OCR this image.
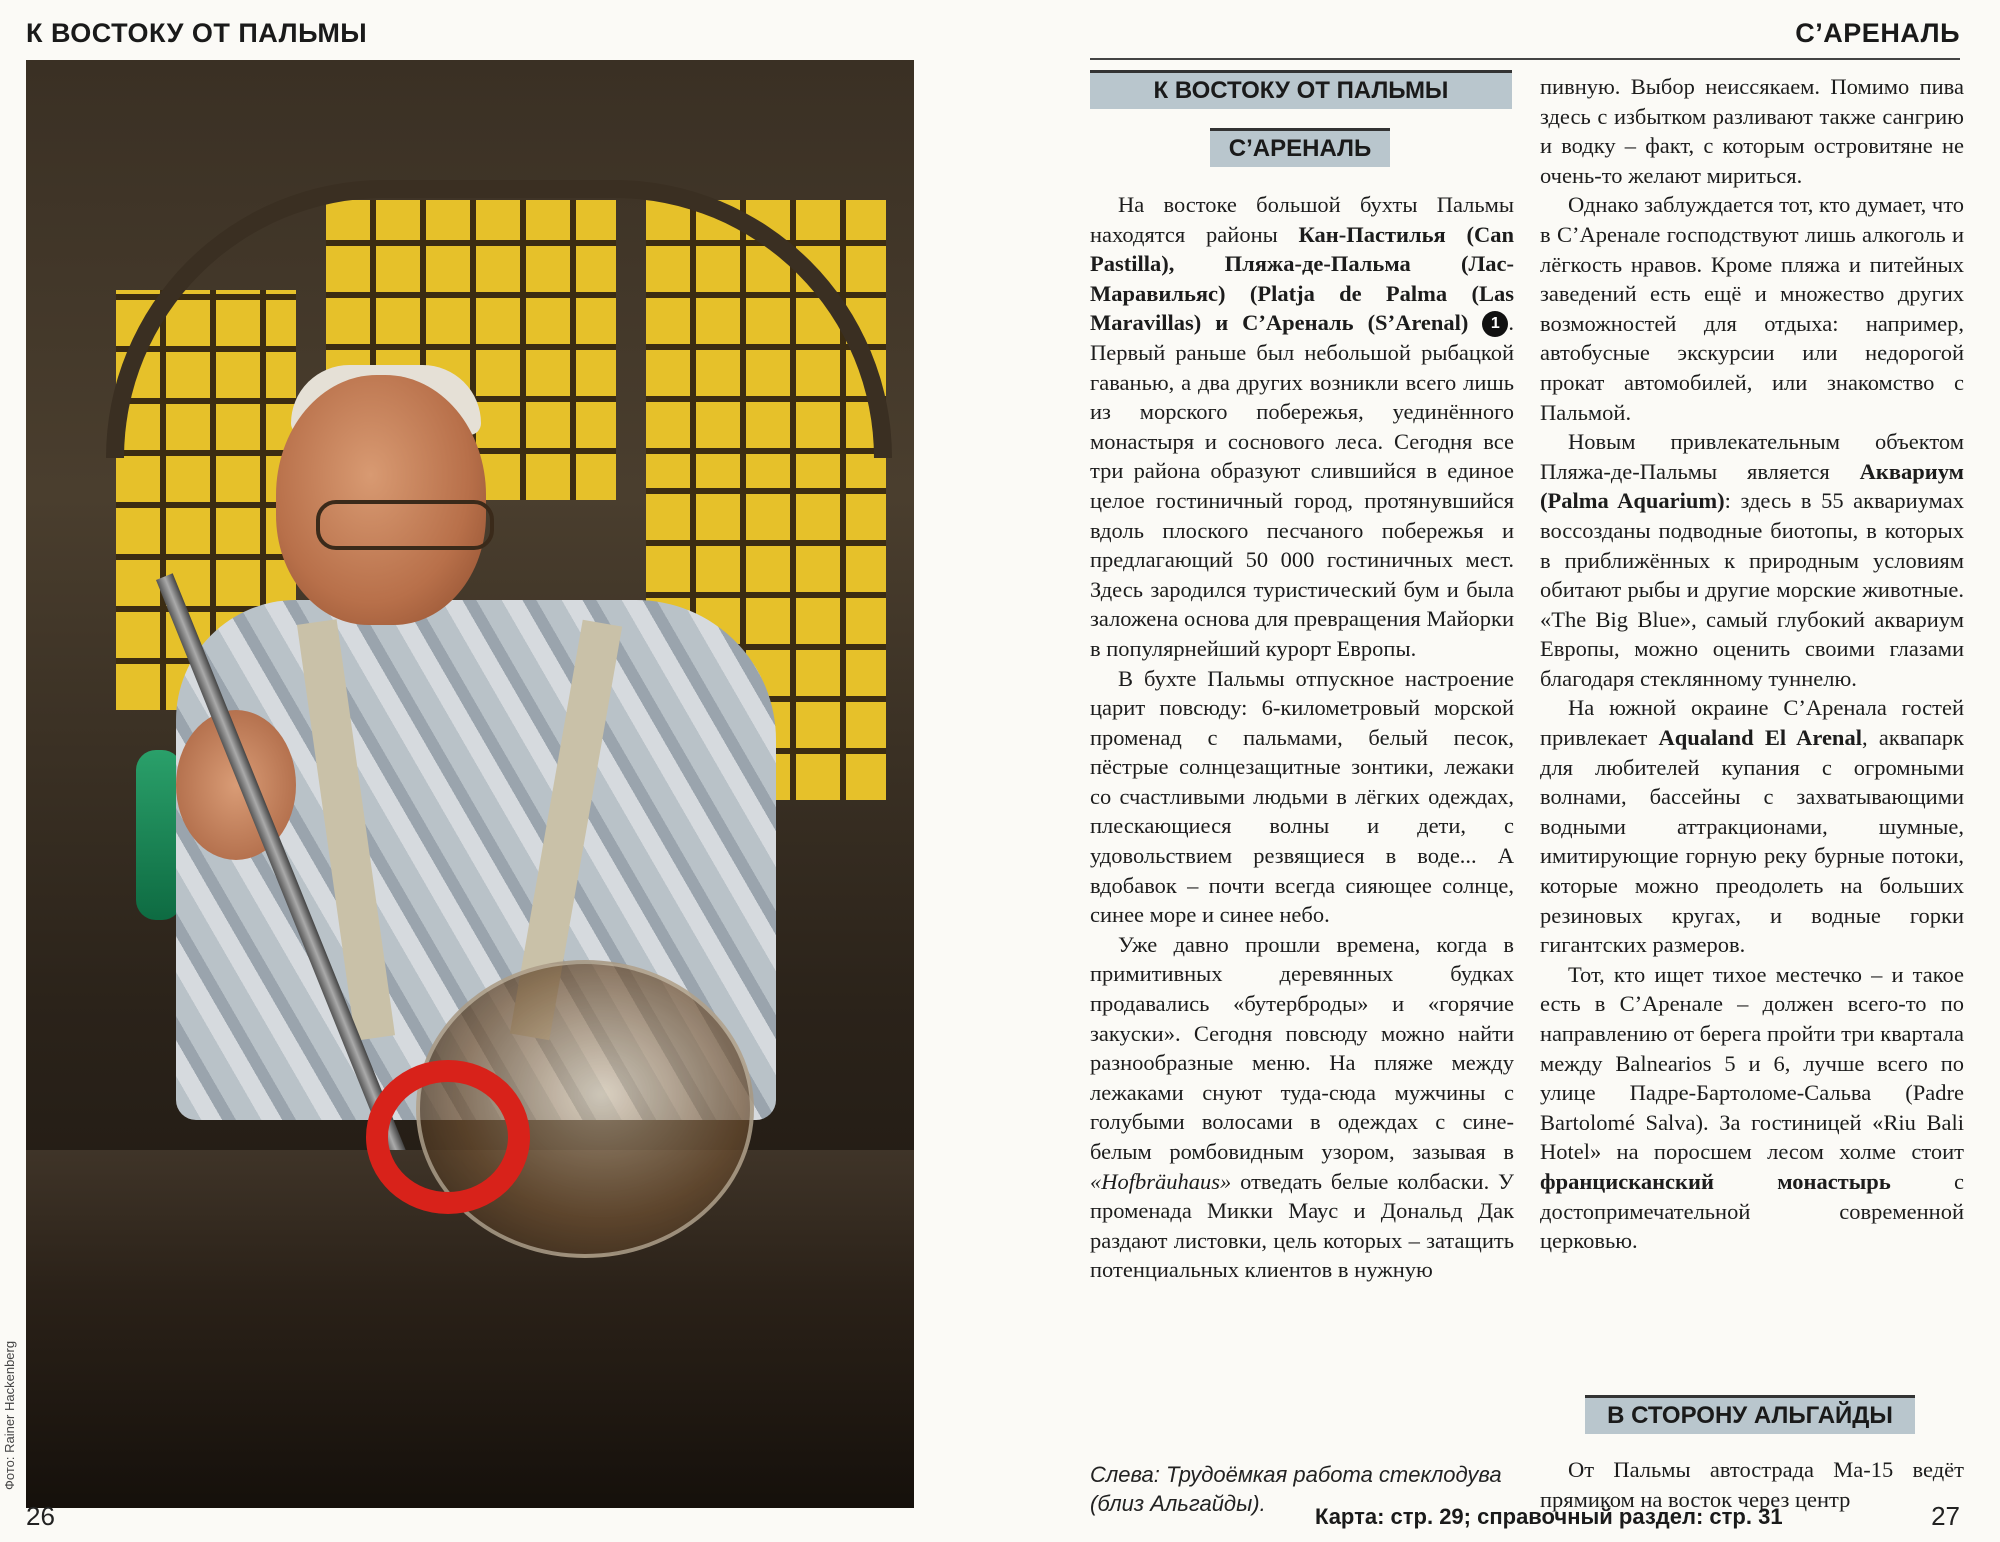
К ВОСТОКУ ОТ ПАЛЬМЫ	С’АРЕНАЛЬ
Фото: Rainer Hackenberg
К ВОСТОКУ ОТ ПАЛЬМЫ
С’АРЕНАЛЬ

На востоке большой бухты Пальмы находятся районы Кан-Пастилья (Can Pastilla), Пляжа-де-Пальма (Лас-Маравильяс) (Platja de Palma (Las Maravillas) и С’Ареналь (S’Arenal) 1 . Первый раньше был небольшой рыбацкой гаванью, а два других возникли всего лишь из морского побережья, уединённого монастыря и соснового леса. Сегодня все три района образуют слившийся в единое целое гостиничный город, протянувшийся вдоль плоского песчаного побережья и предлагающий 50 000 гостиничных мест. Здесь зародился туристический бум и была заложена основа для превращения Майорки в популярнейший курорт Европы.

В бухте Пальмы отпускное настроение царит повсюду: 6-километровый морской променад с пальмами, белый песок, пёстрые солнцезащитные зонтики, лежаки со счастливыми людьми в лёгких одеждах, плескающиеся волны и дети, с удовольствием резвящиеся в воде... А вдобавок – почти всегда сияющее солнце, синее море и синее небо.

Уже давно прошли времена, когда в примитивных деревянных будках продавались «бутерброды» и «горячие закуски». Сегодня повсюду можно найти разнообразные меню. На пляже между лежаками снуют туда-сюда мужчины с голубыми волосами в одеждах с сине-белым ромбовидным узором, зазывая в «Hofbräuhaus» отведать белые колбаски. У променада Микки Маус и Дональд Дак раздают листовки, цель которых – затащить потенциальных клиентов в нужную

пивную. Выбор неиссякаем. Помимо пива здесь с избытком разливают также сангрию и водку – факт, с которым островитяне не очень-то желают мириться.

Однако заблуждается тот, кто думает, что в С’Аренале господствуют лишь алкоголь и лёгкость нравов. Кроме пляжа и питейных заведений есть ещё и множество других возможностей для отдыха: например, автобусные экскурсии или недорогой прокат автомобилей, или знакомство с Пальмой.

Новым привлекательным объектом Пляжа-де-Пальмы является Аквариум (Palma Aquarium): здесь в 55 аквариумах воссозданы подводные биотопы, в которых в приближённых к природным условиям обитают рыбы и другие морские животные. «The Big Blue», самый глубокий аквариум Европы, можно оценить своими глазами благодаря стеклянному туннелю.

На южной окраине С’Аренала гостей привлекает Aqualand El Arenal, аквапарк для любителей купания с огромными волнами, бассейны с захватывающими водными аттракционами, шумные, имитирующие горную реку бурные потоки, которые можно преодолеть на больших резиновых кругах, и водные горки гигантских размеров.

Тот, кто ищет тихое местечко – и такое есть в С’Аренале – должен всего-то по направлению от берега пройти три квартала между Balnearios 5 и 6, лучше всего по улице Падре-Бартоломе-Сальва (Padre Bartolomé Salva). За гостиницей «Riu Bali Hotel» на поросшем лесом холме стоит францисканский монастырь с достопримечательной современной церковью.

В СТОРОНУ АЛЬГАЙДЫ

От Пальмы автострада Ma-15 ведёт прямиком на восток через центр

Слева: Трудоёмкая работа стеклодува (близ Альгайды).
Карта: стр. 29; справочный раздел: стр. 31
26	27
